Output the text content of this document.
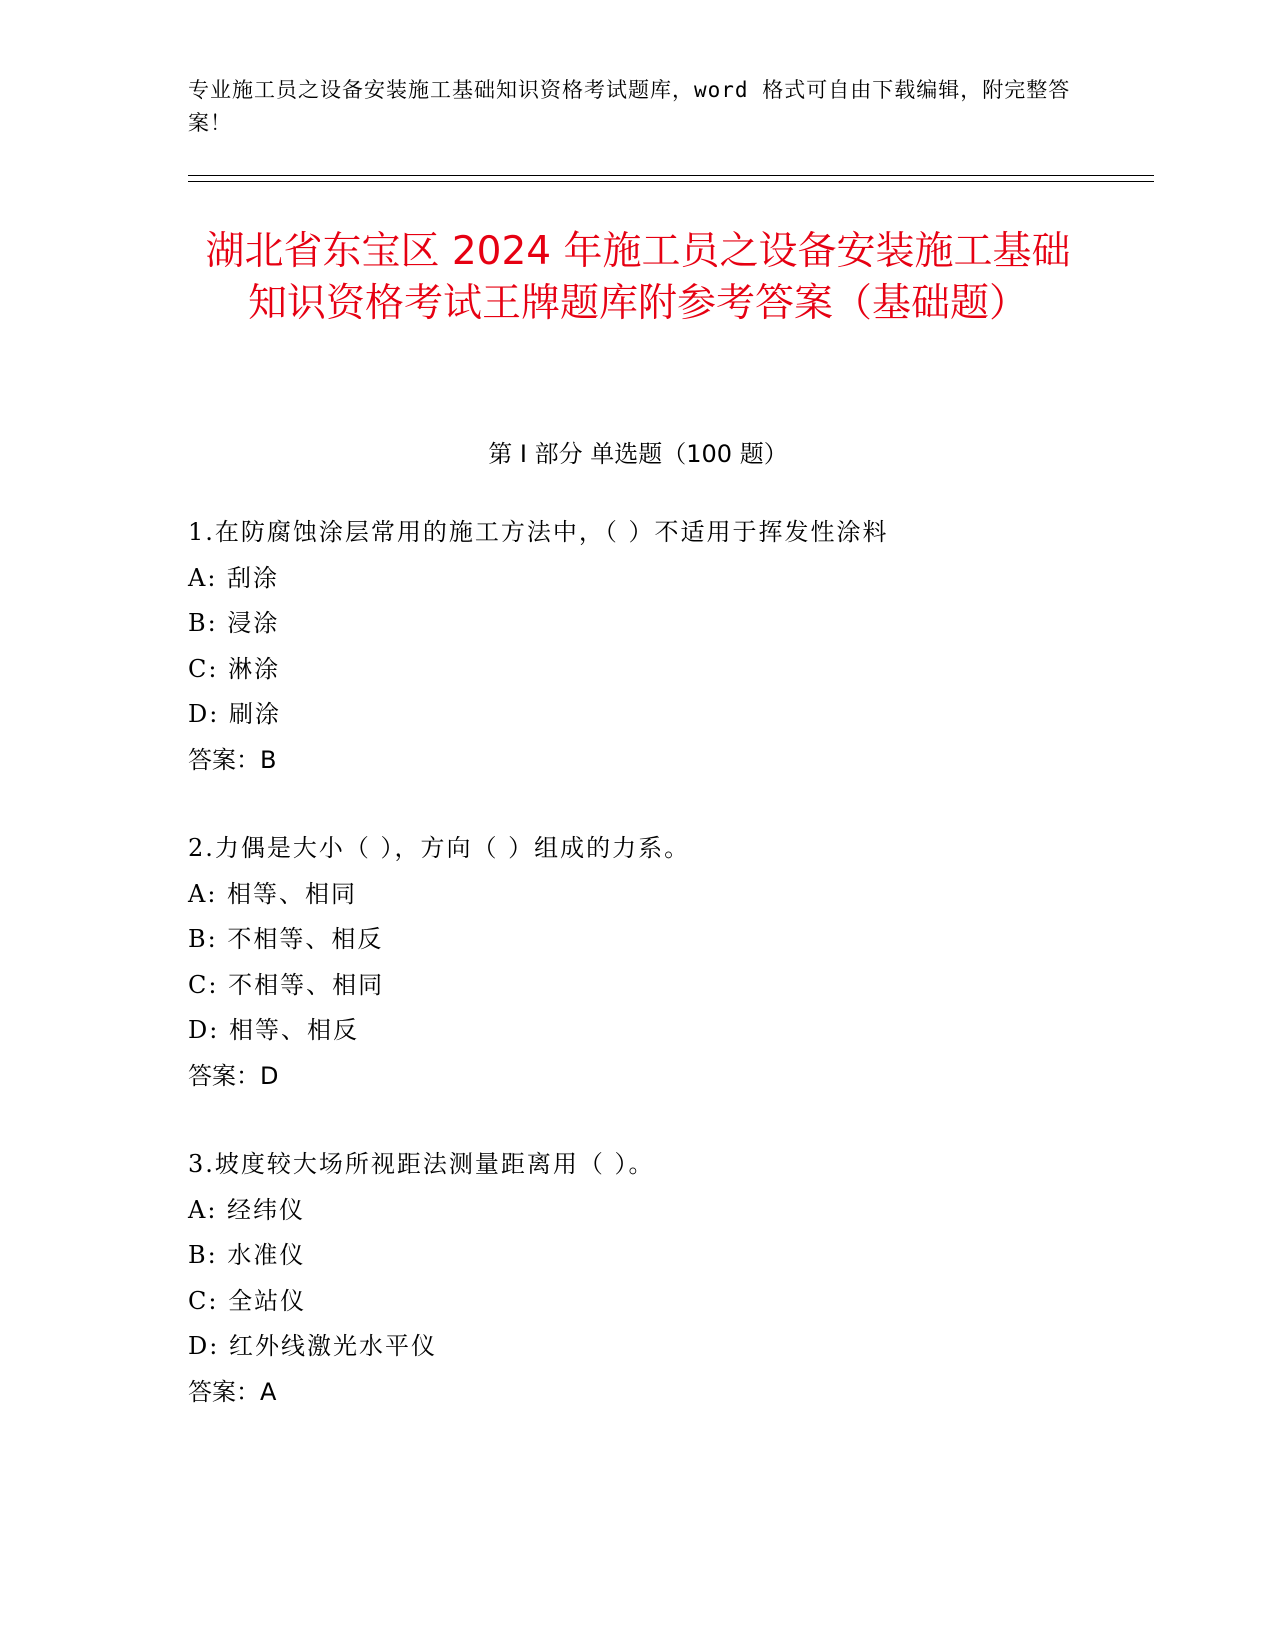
专业施工员之设备安装施工基础知识资格考试题库，word 格式可自由下载编辑，附完整答案！
湖北省东宝区 2024 年施工员之设备安装施工基础知识资格考试王牌题库附参考答案（基础题）
第 I 部分 单选题（100 题）
1.在防腐蚀涂层常用的施工方法中，（ ）不适用于挥发性涂料
A: 刮涂
B: 浸涂
C: 淋涂
D: 刷涂
答案：B
2.力偶是大小（ ），方向（ ）组成的力系。
A: 相等、相同
B: 不相等、相反
C: 不相等、相同
D: 相等、相反
答案：D
3.坡度较大场所视距法测量距离用（ ）。
A: 经纬仪
B: 水准仪
C: 全站仪
D: 红外线激光水平仪
答案：A
